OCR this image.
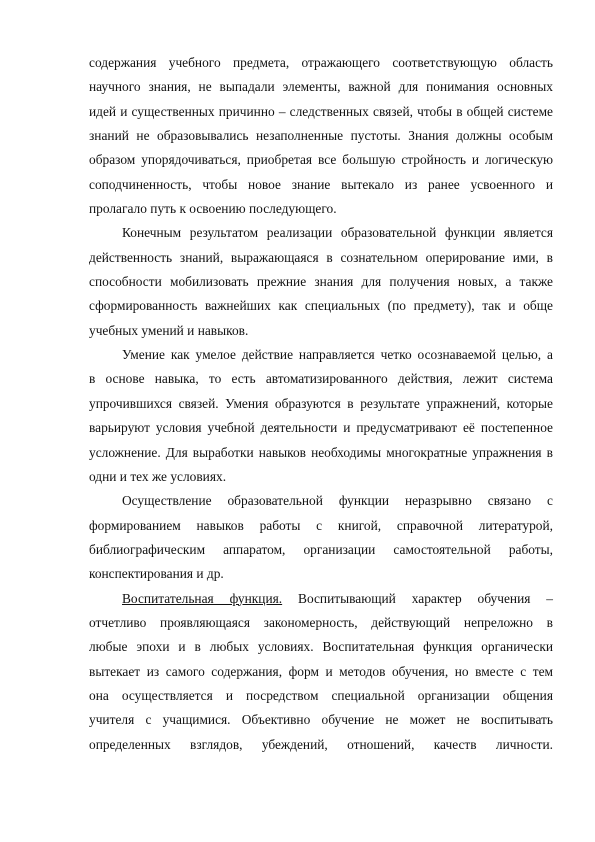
содержания учебного предмета, отражающего соответствующую область
научного знания, не выпадали элементы, важной для понимания основных
идей и существенных причинно – следственных связей, чтобы в общей системе
знаний не образовывались незаполненные пустоты. Знания должны особым
образом упорядочиваться, приобретая все большую стройность и логическую
соподчиненность, чтобы новое знание вытекало из ранее усвоенного и
пролагало путь к освоению последующего.

Конечным результатом реализации образовательной функции является
действенность знаний, выражающаяся в сознательном оперирование ими, в
способности мобилизовать прежние знания для получения новых, а также
сформированность важнейших как специальных (по предмету), так и обще
учебных умений и навыков.

Умение как умелое действие направляется четко осознаваемой целью, а
в основе навыка, то есть автоматизированного действия, лежит система
упрочившихся связей. Умения образуются в результате упражнений, которые
варьируют условия учебной деятельности и предусматривают её постепенное
усложнение. Для выработки навыков необходимы многократные упражнения в
одни и тех же условиях.

Осуществление образовательной функции неразрывно связано с
формированием навыков работы с книгой, справочной литературой,
библиографическим аппаратом, организации самостоятельной работы,
конспектирования и др.

Воспитательная функция. Воспитывающий характер обучения –
отчетливо проявляющаяся закономерность, действующий непреложно в
любые эпохи и в любых условиях. Воспитательная функция органически
вытекает из самого содержания, форм и методов обучения, но вместе с тем
она осуществляется и посредством специальной организации общения
учителя с учащимися. Объективно обучение не может не воспитывать
определенных взглядов, убеждений, отношений, качеств личности.
